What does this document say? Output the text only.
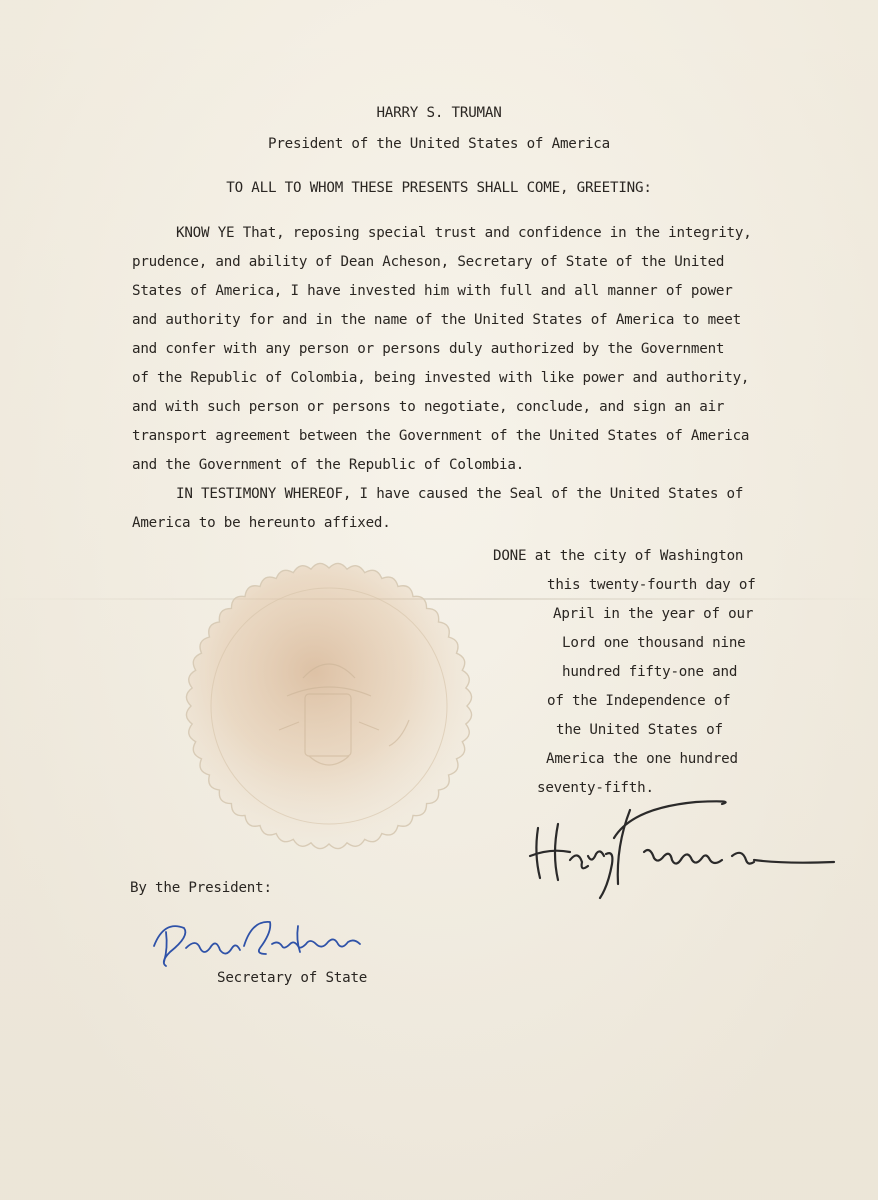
HARRY S. TRUMAN

President of the United States of America

TO ALL TO WHOM THESE PRESENTS SHALL COME, GREETING:

KNOW YE That, reposing special trust and confidence in the integrity,

prudence, and ability of Dean Acheson, Secretary of State of the United

States of America, I have invested him with full and all manner of power

and authority for and in the name of the United States of America to meet

and confer with any person or persons duly authorized by the Government

of the Republic of Colombia, being invested with like power and authority,

and with such person or persons to negotiate, conclude, and sign an air

transport agreement between the Government of the United States of America

and the Government of the Republic of Colombia.

IN TESTIMONY WHEREOF, I have caused the Seal of the United States of

America to be hereunto affixed.

DONE at the city of Washington

this twenty-fourth day of

April in the year of our

Lord one thousand nine

hundred fifty-one and

of the Independence of

the United States of

America the one hundred

seventy-fifth.

By the President:

Secretary of State
